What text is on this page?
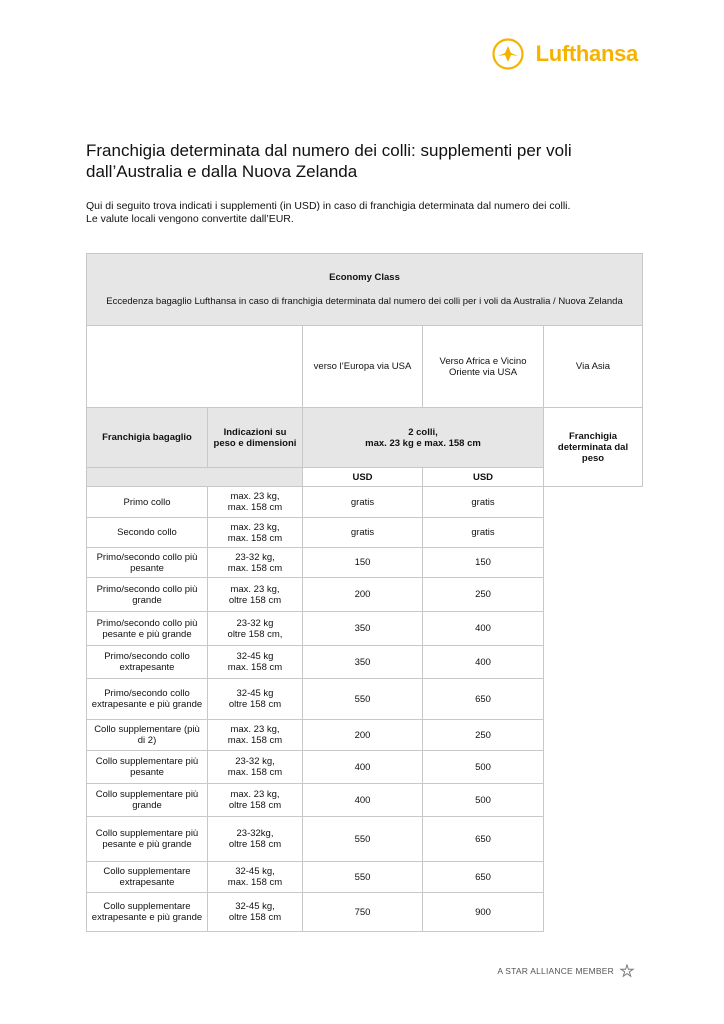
Lufthansa
Franchigia determinata dal numero dei colli: supplementi per voli dall’Australia e dalla Nuova Zelanda
Qui di seguito trova indicati i supplementi (in USD) in caso di franchigia determinata dal numero dei colli.
Le valute locali vengono convertite dall’EUR.
Economy Class
Eccedenza bagaglio Lufthansa in caso di franchigia determinata dal numero dei colli per i voli da Australia / Nuova Zelanda				

		verso l’Europa via USA	Verso Africa e Vicino Oriente via USA	Via Asia
Franchigia bagaglio	Indicazioni su peso e dimensioni	2 colli,
max. 23 kg e max. 158 cm		Franchigia determinata dal peso
		USD	USD	
Primo collo	max. 23 kg,
max. 158 cm	gratis	gratis	
Secondo collo	max. 23 kg,
max. 158 cm	gratis	gratis	
Primo/secondo collo più pesante	23-32 kg,
max. 158 cm	150	150	
Primo/secondo collo più grande	max. 23 kg,
oltre 158 cm	200	250	
Primo/secondo collo più pesante e più grande	23-32 kg
oltre 158 cm,	350	400	
Primo/secondo collo extrapesante	32-45 kg
max. 158 cm	350	400	
Primo/secondo collo extrapesante e più grande	32-45 kg
oltre 158 cm	550	650	
Collo supplementare (più di 2)	max. 23 kg,
max. 158 cm	200	250	
Collo supplementare più pesante	23-32 kg,
max. 158 cm	400	500	
Collo supplementare più grande	max. 23 kg,
oltre 158 cm	400	500	
Collo supplementare più pesante e più grande	23-32kg,
oltre 158 cm	550	650	
Collo supplementare extrapesante	32-45 kg,
max. 158 cm	550	650	
Collo supplementare extrapesante e più grande	32-45 kg,
oltre 158 cm	750	900	
A STAR ALLIANCE MEMBER
